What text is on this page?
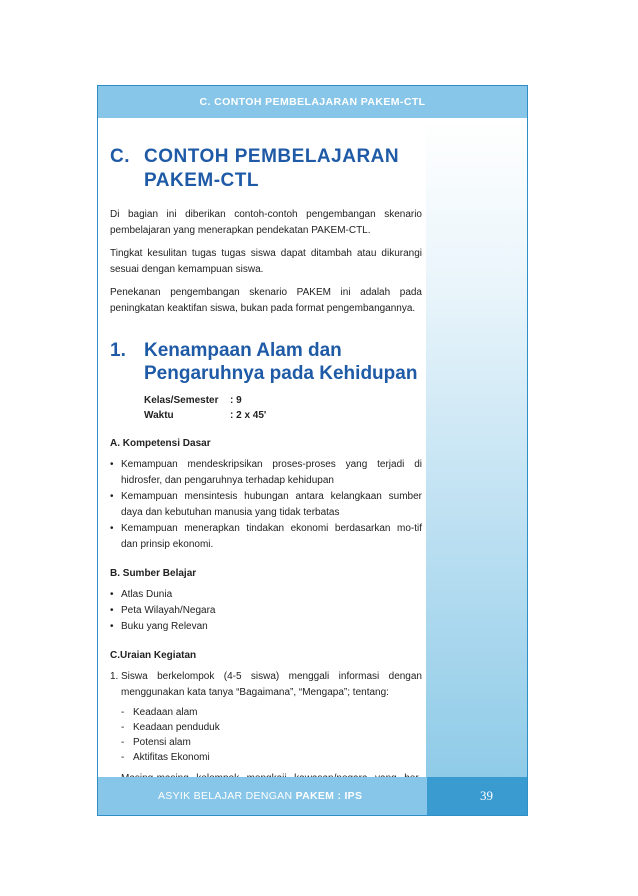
C. CONTOH PEMBELAJARAN PAKEM-CTL
C. CONTOH PEMBELAJARAN
PAKEM-CTL

Di bagian ini diberikan contoh-contoh pengembangan skenario pembelajaran yang menerapkan pendekatan PAKEM-CTL.

Tingkat kesulitan tugas tugas siswa dapat ditambah atau dikurangi sesuai dengan kemampuan siswa.

Penekanan pengembangan skenario PAKEM ini adalah pada peningkatan keaktifan siswa, bukan pada format pengembangannya.

1. Kenampaan Alam dan
Pengaruhnya pada Kehidupan
Kelas/Semester	: 9
Waktu	: 2 x 45'
A. Kompetensi Dasar
• Kemampuan mendeskripsikan proses-proses yang terjadi di hidrosfer, dan pengaruhnya terhadap kehidupan
• Kemampuan mensintesis hubungan antara kelangkaan sumber daya dan kebutuhan manusia yang tidak terbatas
• Kemampuan menerapkan tindakan ekonomi berdasarkan mo-tif dan prinsip ekonomi.
B. Sumber Belajar
• Atlas Dunia
• Peta Wilayah/Negara
• Buku yang Relevan
C.Uraian Kegiatan
1. Siswa berkelompok (4-5 siswa) menggali informasi dengan menggunakan kata tanya “Bagaimana”, “Mengapa”; tentang:
- Keadaan alam
- Keadaan penduduk
- Potensi alam
- Aktifitas Ekonomi
ASYIK BELAJAR DENGAN PAKEM : IPS	39
